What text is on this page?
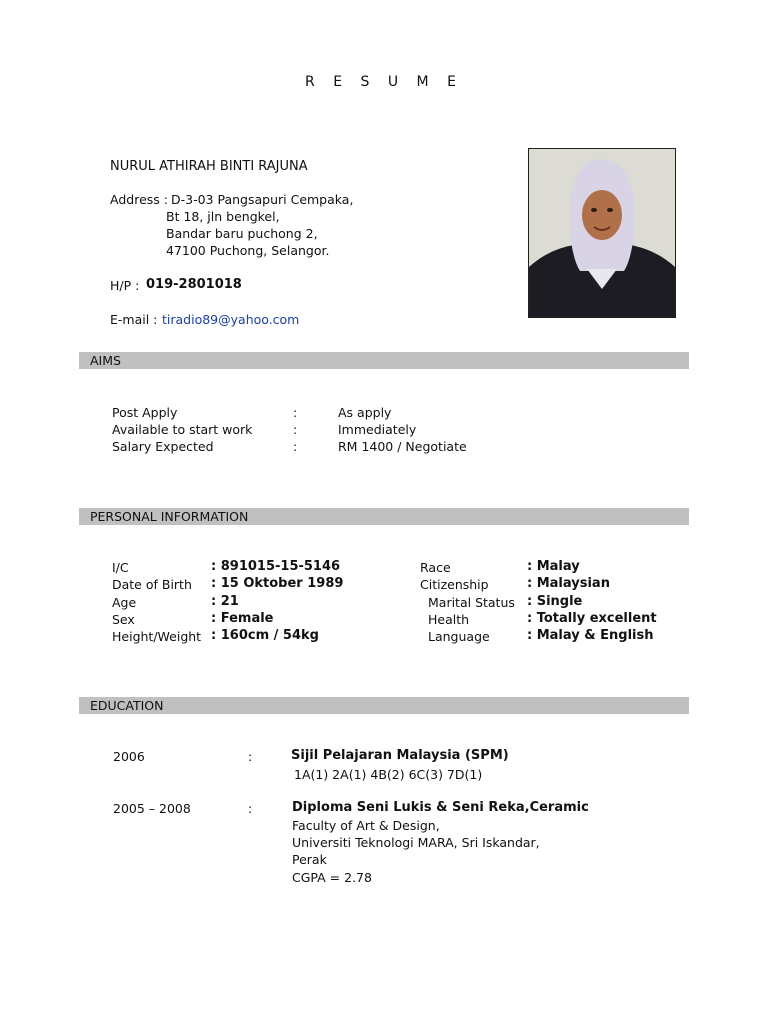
R E S U M E
NURUL ATHIRAH BINTI RAJUNA
Address : D-3-03 Pangsapuri Cempaka,
Bt 18, jln bengkel,
Bandar baru puchong 2,
47100 Puchong, Selangor.
H/P : 019-2801018
E-mail : tiradio89@yahoo.com
AIMS
Post Apply	:	As apply
Available to start work	:	Immediately
Salary Expected	:	RM 1400 / Negotiate
PERSONAL INFORMATION
I/C	: 891015-15-5146
Date of Birth : 15 Oktober 1989
Age	: 21
Sex	: Female
Height/Weight : 160cm / 54kg
Race	: Malay
Citizenship	: Malaysian
Marital Status : Single
Health	: Totally excellent
Language	: Malay & English
EDUCATION
2006	:	Sijil Pelajaran Malaysia (SPM)
1A(1) 2A(1) 4B(2) 6C(3) 7D(1)
2005 – 2008	:	Diploma Seni Lukis & Seni Reka,Ceramic
Faculty of Art & Design,
Universiti Teknologi MARA, Sri Iskandar,
Perak
CGPA = 2.78
